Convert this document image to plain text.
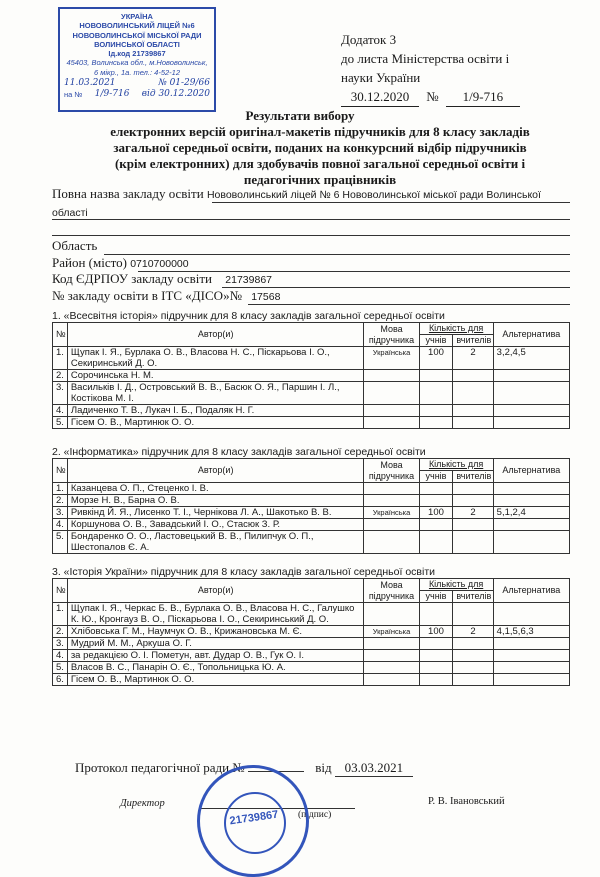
УКРАЇНА
НОВОВОЛИНСЬКИЙ ЛІЦЕЙ №6
НОВОВОЛИНСЬКОЇ МІСЬКОЇ РАДИ
ВОЛИНСЬКОЇ ОБЛАСТІ
Ід.код 21739867
45403, Волинська обл., м.Нововолинськ,
6 мікр., 1а. тел.: 4-52-12
11.03.2021	№ 01-29/66
на № 1/9-716 від 30.12.2020
Додаток 3
до листа Міністерства освіти і
науки України
30.12.2020 № 1/9-716
Результати вибору
електронних версій оригінал-макетів підручників для 8 класу закладів загальної середньої освіти, поданих на конкурсний відбір підручників (крім електронних) для здобувачів повної загальної середньої освіти і педагогічних працівників
Повна назва закладу освіти Нововолинський ліцей № 6 Нововолинської міської ради Волинської
області
Область
Район (місто) 0710700000
Код ЄДРПОУ закладу освіти 21739867
№ закладу освіти в ІТС «ДІСО»№ 17568
1. «Всесвітня історія» підручник для 8 класу закладів загальної середньої освіти
2. «Інформатика» підручник для 8 класу закладів загальної середньої освіти
3. «Історія України» підручник для 8 класу закладів загальної середньої освіти
№	Автор(и)	Мова підручника	Кількість для		Альтернатива
			учнів	вчителів	
1.	Щупак І. Я., Бурлака О. В., Власова Н. С., Піскарьова І. О., Секиринський Д. О.	Українська	100	2	3,2,4,5
2.	Сорочинська Н. М.				
3.	Васильків І. Д., Островський В. В., Басюк О. Я., Паршин І. Л., Костікова М. І.				
4.	Ладиченко Т. В., Лукач І. Б., Подаляк Н. Г.				
5.	Гісем О. В., Мартинюк О. О.				
№	Автор(и)	Мова підручника	Кількість для		Альтернатива
			учнів	вчителів	
1.	Казанцева О. П., Стеценко І. В.				
2.	Морзе Н. В., Барна О. В.				
3.	Ривкінд Й. Я., Лисенко Т. І., Чернікова Л. А., Шакотько В. В.	Українська	100	2	5,1,2,4
4.	Коршунова О. В., Завадський І. О., Стасюк З. Р.				
5.	Бондаренко О. О., Ластовецький В. В., Пилипчук О. П., Шестопалов Є. А.				
№	Автор(и)	Мова підручника	Кількість для		Альтернатива
			учнів	вчителів	
1.	Щупак І. Я., Черкас Б. В., Бурлака О. В., Власова Н. С., Галушко К. Ю., Кронгауз В. О., Піскарьова І. О., Секиринський Д. О.				
2.	Хлібовська Г. М., Наумчук О. В., Крижановська М. Є.	Українська	100	2	4,1,5,6,3
3.	Мудрий М. М., Аркуша О. Г.				
4.	за редакцією О. І. Пометун, авт. Дудар О. В., Гук О. І.				
5.	Власов В. С., Панарін О. Є., Топольницька Ю. А.				
6.	Гісем О. В., Мартинюк О. О.				
Протокол педагогічної ради №	від 03.03.2021
Директор
(підпис)
Р. В. Івановський
21739867
